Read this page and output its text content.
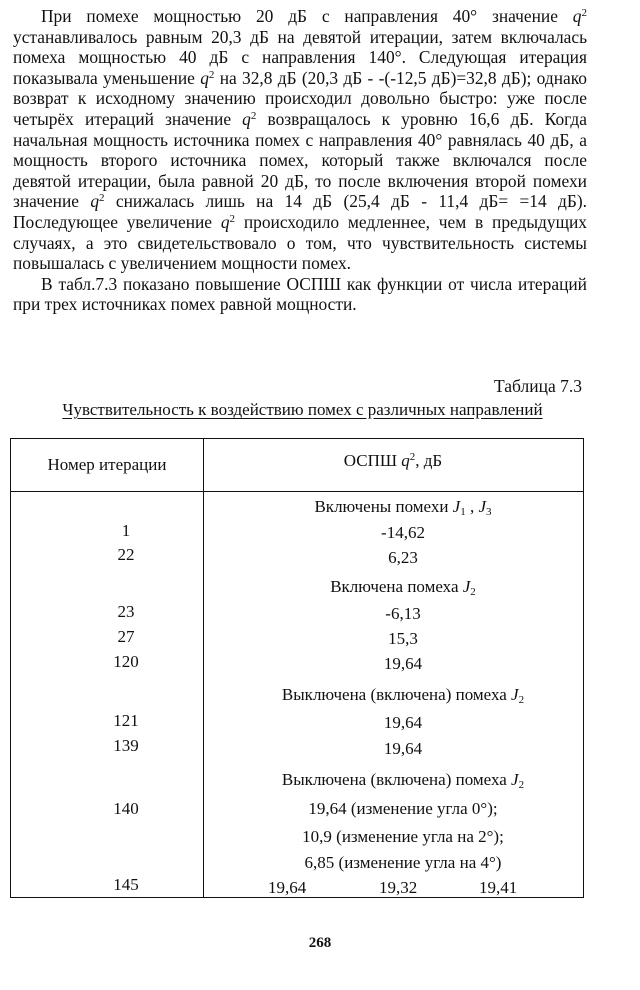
При помехе мощностью 20 дБ с направления 40° значение $q^2$ устанавливалось равным 20,3 дБ на девятой итерации, затем включалась помеха мощностью 40 дБ с направления 140°. Следующая итерация показывала уменьшение $q^2$ на 32,8 дБ (20,3 дБ - -(-12,5 дБ)=32,8 дБ); однако возврат к исходному значению происходил довольно быстро: уже после четырёх итераций значение $q^2$ возвращалось к уровню 16,6 дБ. Когда начальная мощность источника помех с направления 40° равнялась 40 дБ, а мощность второго источника помех, который также включался после девятой итерации, была равной 20 дБ, то после включения второй помехи значение $q^2$ снижалась лишь на 14 дБ (25,4 дБ - 11,4 дБ= =14 дБ). Последующее увеличение $q^2$ происходило медленнее, чем в предыдущих случаях, а это свидетельствовало о том, что чувствительность системы повышалась с увеличением мощности помех.

В табл.7.3 показано повышение ОСПШ как функции от числа итераций при трех источниках помех равной мощности.

Таблица 7.3
Чувствительность к воздействию помех с различных направлений
Номер итерации	ОСПШ $q^2$, дБ
Включены помехи $J_1$ , $J_3$
1	-14,62
22	6,23
Включена помеха $J_2$
23	-6,13
27	15,3
120	19,64
Выключена (включена) помеха $J_2$
121	19,64
139	19,64
Выключена (включена) помеха $J_2$
140	19,64 (изменение угла 0°);
10,9 (изменение угла на 2°);
6,85 (изменение угла на 4°)
145	19,64	19,32	19,41
268
